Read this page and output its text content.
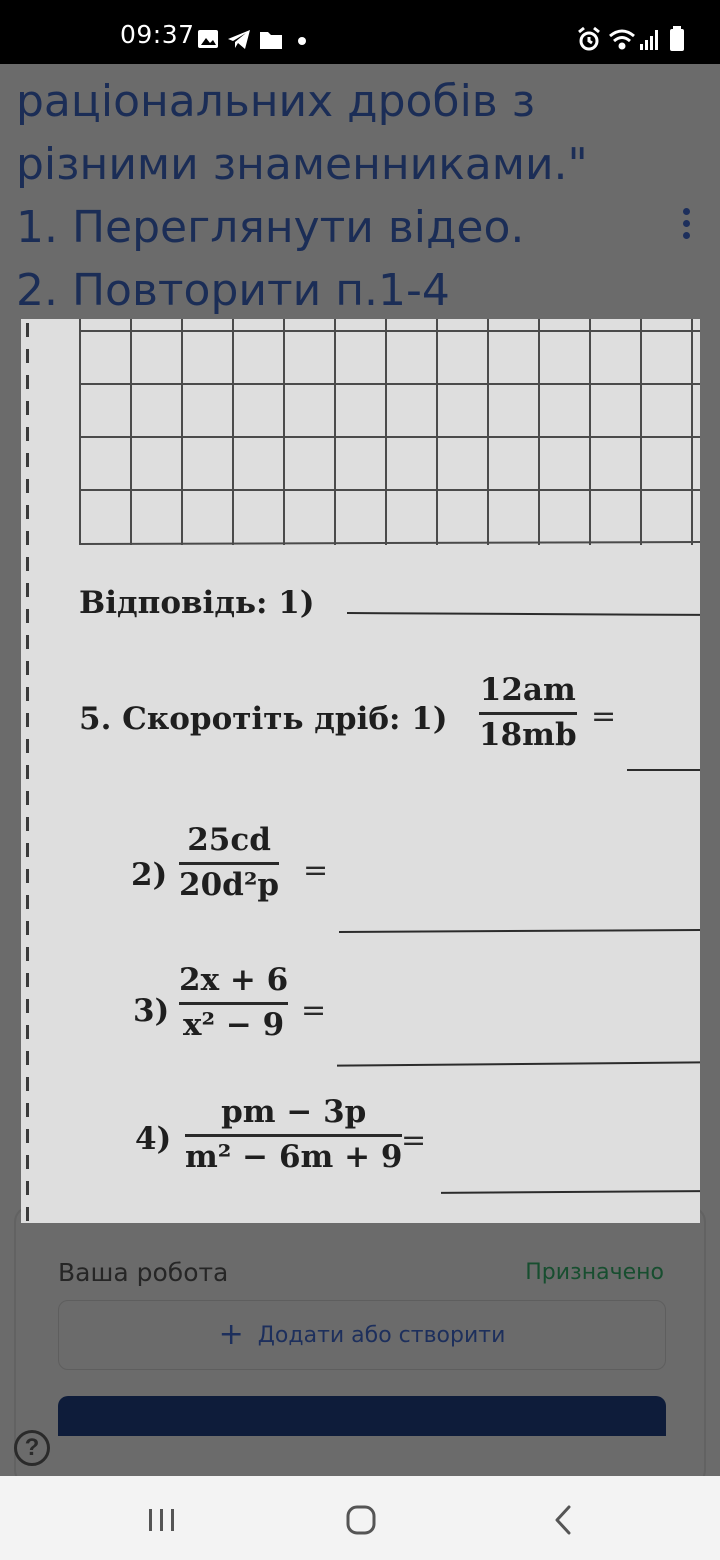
09:37
раціональних дробів з
різними знаменниками."
1. Переглянути відео.
2. Повторити п.1-4
Ваша робота	Призначено
+ Додати або створити
?
Відповідь: 1)
5. Скоротіть дріб: 1)
12am
18mb
=
2)
25cd
20d²p =
3)
2x + 6
x² − 9 =
4)
pm − 3p
m² − 6m + 9
=
